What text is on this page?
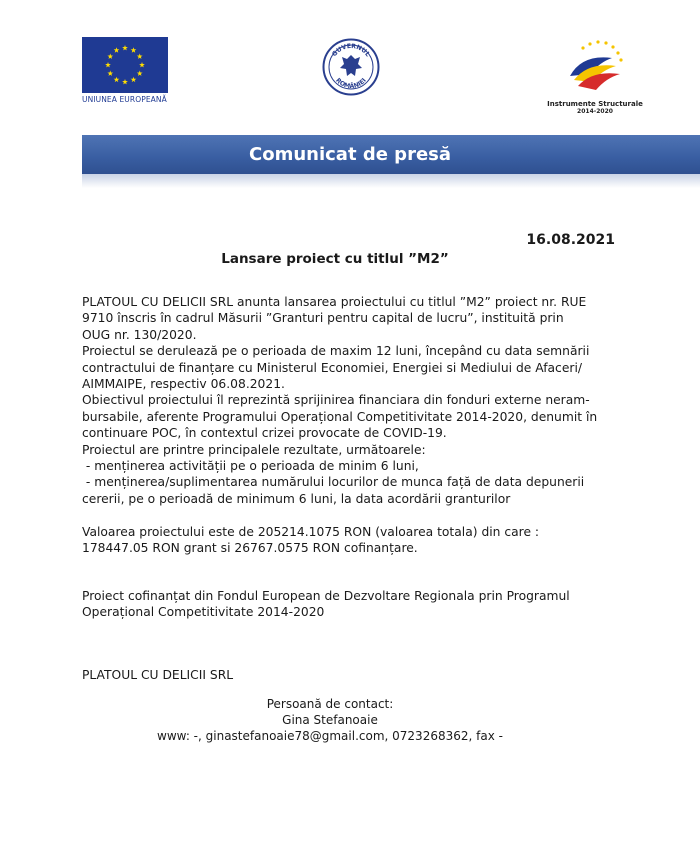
UNIUNEA EUROPEANĂ
GUVERNUL
ROMÂNIEI
Instrumente Structurale
2014-2020
Comunicat de presă
16.08.2021
Lansare proiect cu titlul ”M2”

PLATOUL CU DELICII SRL anunta lansarea proiectului cu titlul ”M2” proiect nr. RUE

9710 înscris în cadrul Măsurii ”Granturi pentru capital de lucru”, instituită prin

OUG nr. 130/2020.

Proiectul se derulează pe o perioada de maxim 12 luni, începând cu data semnării

contractului de finanțare cu Ministerul Economiei, Energiei si Mediului de Afaceri/

AIMMAIPE, respectiv 06.08.2021.

Obiectivul proiectului îl reprezintă sprijinirea financiara din fonduri externe neram-

bursabile, aferente Programului Operațional Competitivitate 2014-2020, denumit în

continuare POC, în contextul crizei provocate de COVID-19.

Proiectul are printre principalele rezultate, următoarele:

- menținerea activității pe o perioada de minim 6 luni,

- menținerea/suplimentarea numărului locurilor de munca față de data depunerii

cererii, pe o perioadă de minimum 6 luni, la data acordării granturilor

Valoarea proiectului este de 205214.1075 RON (valoarea totala) din care :

178447.05 RON grant si 26767.0575 RON cofinanțare.

Proiect cofinanțat din Fondul European de Dezvoltare Regionala prin Programul

Operațional Competitivitate 2014-2020

PLATOUL CU DELICII SRL
Persoană de contact:
Gina Stefanoaie
www: -, ginastefanoaie78@gmail.com, 0723268362, fax -
